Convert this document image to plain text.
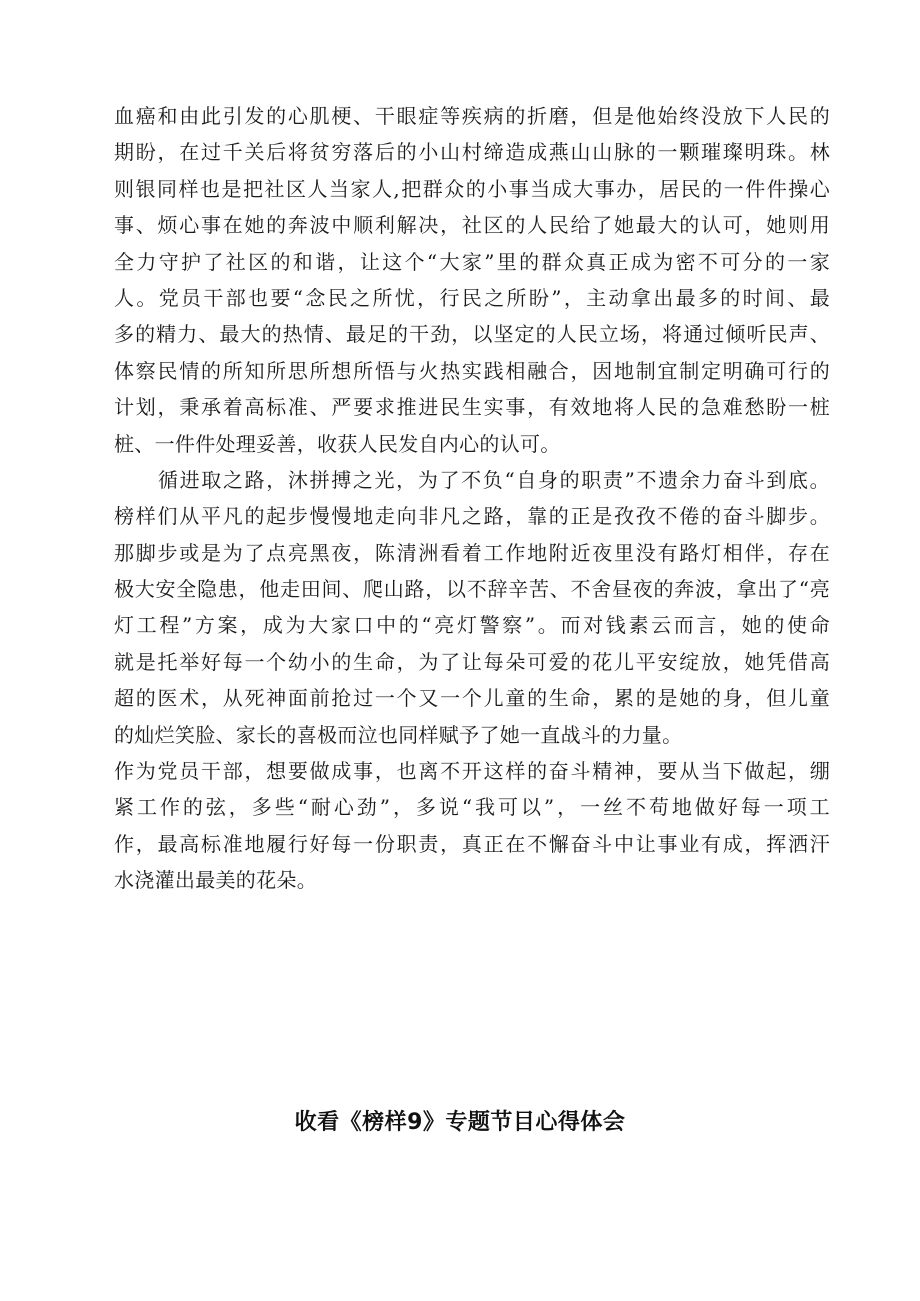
血癌和由此引发的心肌梗、干眼症等疾病的折磨，但是他始终没放下人民的
期盼，在过千关后将贫穷落后的小山村缔造成燕山山脉的一颗璀璨明珠。林
则银同样也是把社区人当家人,把群众的小事当成大事办，居民的一件件操心
事、烦心事在她的奔波中顺利解决，社区的人民给了她最大的认可，她则用
全力守护了社区的和谐，让这个“大家”里的群众真正成为密不可分的一家
人。党员干部也要“念民之所忧，行民之所盼”，主动拿出最多的时间、最
多的精力、最大的热情、最足的干劲，以坚定的人民立场，将通过倾听民声、
体察民情的所知所思所想所悟与火热实践相融合，因地制宜制定明确可行的
计划，秉承着高标准、严要求推进民生实事，有效地将人民的急难愁盼一桩
桩、一件件处理妥善，收获人民发自内心的认可。
循进取之路，沐拼搏之光，为了不负“自身的职责”不遗余力奋斗到底。
榜样们从平凡的起步慢慢地走向非凡之路，靠的正是孜孜不倦的奋斗脚步。
那脚步或是为了点亮黑夜，陈清洲看着工作地附近夜里没有路灯相伴，存在
极大安全隐患，他走田间、爬山路，以不辞辛苦、不舍昼夜的奔波，拿出了“亮
灯工程”方案，成为大家口中的“亮灯警察”。而对钱素云而言，她的使命
就是托举好每一个幼小的生命，为了让每朵可爱的花儿平安绽放，她凭借高
超的医术，从死神面前抢过一个又一个儿童的生命，累的是她的身，但儿童
的灿烂笑脸、家长的喜极而泣也同样赋予了她一直战斗的力量。
作为党员干部，想要做成事，也离不开这样的奋斗精神，要从当下做起，绷
紧工作的弦，多些“耐心劲”，多说“我可以”，一丝不苟地做好每一项工
作，最高标准地履行好每一份职责，真正在不懈奋斗中让事业有成，挥洒汗
水浇灌出最美的花朵。
收看《榜样9》专题节目心得体会
